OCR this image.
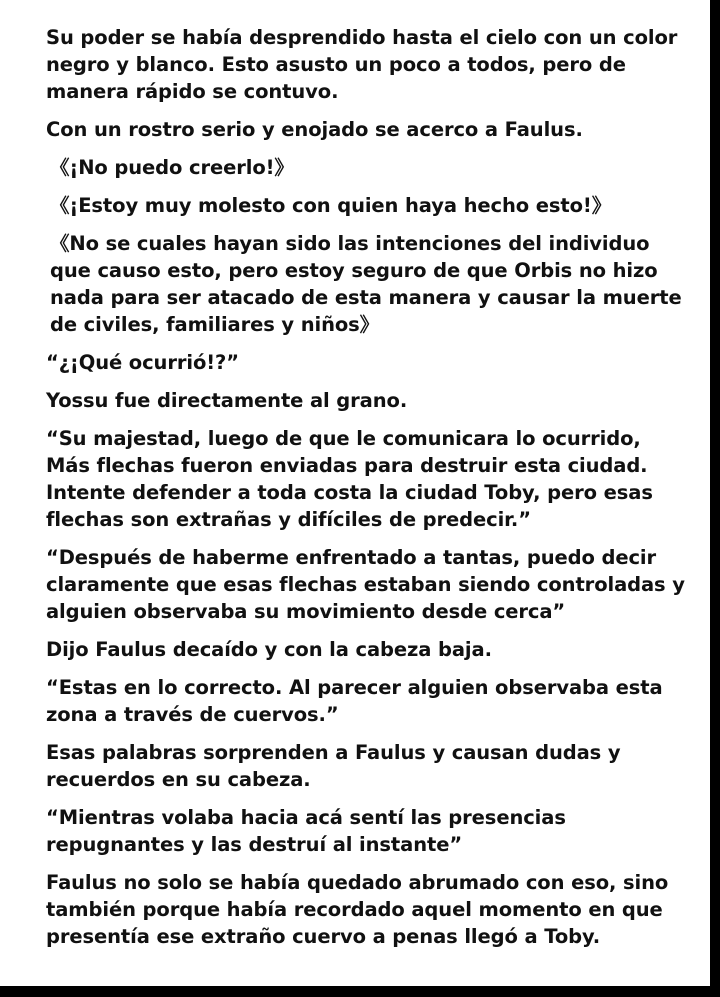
Su poder se había desprendido hasta el cielo con un color negro y blanco. Esto asusto un poco a todos, pero de manera rápido se contuvo.

Con un rostro serio y enojado se acerco a Faulus.

《¡No puedo creerlo!》

《¡Estoy muy molesto con quien haya hecho esto!》

《No se cuales hayan sido las intenciones del individuo que causo esto, pero estoy seguro de que Orbis no hizo nada para ser atacado de esta manera y causar la muerte de civiles, familiares y niños》

“¿¡Qué ocurrió!?”

Yossu fue directamente al grano.

“Su majestad, luego de que le comunicara lo ocurrido, Más flechas fueron enviadas para destruir esta ciudad. Intente defender a toda costa la ciudad Toby, pero esas flechas son extrañas y difíciles de predecir.”

“Después de haberme enfrentado a tantas, puedo decir claramente que esas flechas estaban siendo controladas y alguien observaba su movimiento desde cerca”

Dijo Faulus decaído y con la cabeza baja.

“Estas en lo correcto. Al parecer alguien observaba esta zona a través de cuervos.”

Esas palabras sorprenden a Faulus y causan dudas y recuerdos en su cabeza.

“Mientras volaba hacia acá sentí las presencias repugnantes y las destruí al instante”

Faulus no solo se había quedado abrumado con eso, sino también porque había recordado aquel momento en que presentía ese extraño cuervo a penas llegó a Toby.
